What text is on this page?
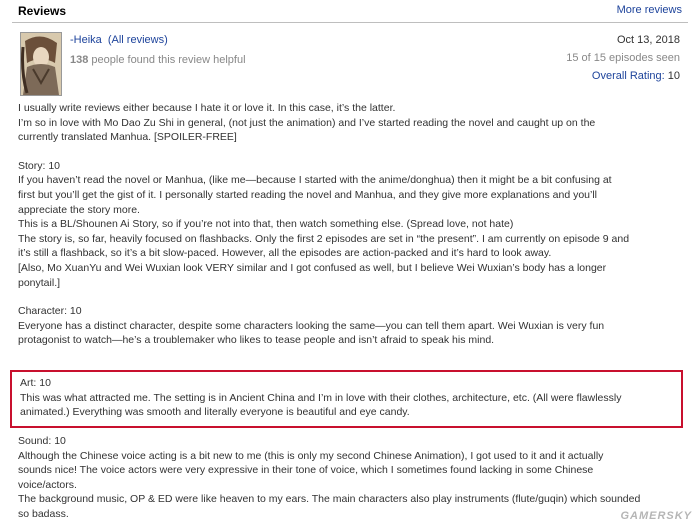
Reviews	More reviews
-Heika (All reviews)
138 people found this review helpful
Oct 13, 2018
15 of 15 episodes seen
Overall Rating: 10

I usually write reviews either because I hate it or love it. In this case, it’s the latter.

I’m so in love with Mo Dao Zu Shi in general, (not just the animation) and I’ve started reading the novel and caught up on the

currently translated Manhua. [SPOILER-FREE]

Story: 10

If you haven’t read the novel or Manhua, (like me—because I started with the anime/donghua) then it might be a bit confusing at

first but you’ll get the gist of it. I personally started reading the novel and Manhua, and they give more explanations and you’ll

appreciate the story more.

This is a BL/Shounen Ai Story, so if you’re not into that, then watch something else. (Spread love, not hate)

The story is, so far, heavily focused on flashbacks. Only the first 2 episodes are set in “the present”. I am currently on episode 9 and

it’s still a flashback, so it’s a bit slow-paced. However, all the episodes are action-packed and it’s hard to look away.

[Also, Mo XuanYu and Wei Wuxian look VERY similar and I got confused as well, but I believe Wei Wuxian’s body has a longer

ponytail.]

Character: 10

Everyone has a distinct character, despite some characters looking the same—you can tell them apart. Wei Wuxian is very fun

protagonist to watch—he’s a troublemaker who likes to tease people and isn’t afraid to speak his mind.

Art: 10

This was what attracted me. The setting is in Ancient China and I’m in love with their clothes, architecture, etc. (All were flawlessly

animated.) Everything was smooth and literally everyone is beautiful and eye candy.

Sound: 10

Although the Chinese voice acting is a bit new to me (this is only my second Chinese Animation), I got used to it and it actually

sounds nice! The voice actors were very expressive in their tone of voice, which I sometimes found lacking in some Chinese

voice/actors.

The background music, OP & ED were like heaven to my ears. The main characters also play instruments (flute/guqin) which sounded

so badass.	GAMERSKY
